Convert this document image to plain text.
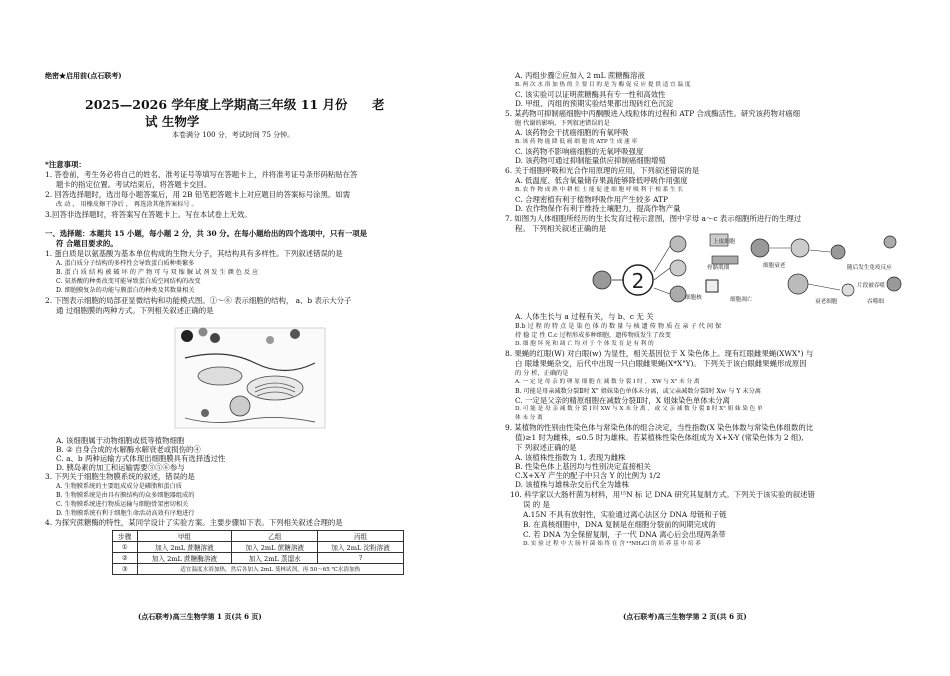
绝密★启用前(点石联考)
2025—2026 学年度上学期高三年级 11 月份 老
试 生物学
本卷满分 100 分，考试时间 75 分钟。
*注意事项：
1. 答卷前，考生务必将自己的姓名、准考证号等填写在答题卡上，并将准考证号条形码粘贴在答
题卡的指定位置。考试结束后，将答题卡交回。
2. 回答选择题时，选出每小题答案后，用 2B 铅笔把答题卡上对应题目的答案标号涂黑。如需
改 动 ， 用橡皮擦干净后 ， 再选涂其他答案标号 。
3.回答非选择题时，将答案写在答题卡上。写在本试卷上无效。
一、选择题：本题共 15 小题，每小题 2 分，共 30 分。在每小题给出的四个选项中，只有一项是
符 合题目要求的。
1. 蛋白质是以氨基酸为基本单位构成的生物大分子，其结构具有多样性。下列叙述错误的是
A. 蛋白质分子结构的多样性会导致蛋白质种类繁多
B. 蛋 白 质 结 构 被 破 坏 的 产 物 可 与 双 缩 脲 试 剂 发 生 颜 色 反 应
C. 氨基酸的种类改变可能导致蛋白质空间结构的改变
D. 细胞膜复杂的功能与膜蛋白的种类及其数量相关
2. 下图表示细胞的局部亚显微结构和功能模式图。①～⑥ 表示细胞的结构， a、b 表示大分子
通 过细胞膜的两种方式。下列相关叙述正确的是
A. 该细胞属于动物细胞或低等植物细胞
B. ② 自身合成的水解酶水解衰老或损伤的④
C. a、b 两种运输方式体现出细胞膜具有选择透过性
D. 胰岛素的加工和运输需要③⑤⑥参与
3. 下列关于细胞生物膜系统的叙述，错误的是
A. 生物膜系统的主要组成成分是磷脂和蛋白质
B. 生物膜系统是由具有膜结构的众多细胞器组成的
C. 生物膜系统进行物质运输与细胞骨架密切相关
D. 生物膜系统有利于细胞生命活动高效有序地进行
4. 为探究蔗糖酶的特性，某同学设计了实验方案。主要步骤如下表。下列相关叙述合理的是
步骤	甲组	乙组	丙组
①	加入 2mL 蔗糖溶液	加入 2mL 蔗糖溶液	加入 2mL 淀粉溶液
②	加入 2mL 蔗糖酶溶液	加入 2mL 蒸馏水	?
③	适宜温度水浴加热，然后各加入 2mL 斐林试剂，再 50～65 ℃水浴加热		
(点石联考)高三生物学第 1 页(共 6 页)
A. 丙组步骤②应加入 2 mL 蔗糖酶溶液
B. 两 次 水 浴 加 热 的 主 要 目 的 是 为 酶 促 反 应 提 供 适 宜 温 度
C. 该实验可以证明蔗糖酶具有专一性和高效性
D. 甲组、丙组的预期实验结果都出现砖红色沉淀
5. 某药物可抑制癌细胞中丙酮酸进入线粒体的过程和 ATP 合成酶活性。研究该药物对癌细
胞 代谢的影响，下列叙述错误的是
A. 该药物会干扰癌细胞的有氧呼吸
B. 该 药 物 能 降 低 癌 细 胞 的 ATP 生 成 速 率
C. 该药物不影响癌细胞的无氧呼吸强度
D. 该药物可通过抑制能量供应抑制癌细胞增殖
6. 关于细胞呼吸和光合作用原理的应用，下列叙述错误的是
A. 低温度、低含氧量储存果蔬能够降低呼吸作用强度
B. 农 作 物 成 熟 中 耕 松 土 能 促 进 细 胞 呼 吸 利 于 根 系 生 长
C. 合理密植有利于植物呼吸作用产生较多 ATP
D. 农作物保作有利于维持土壤肥力，提高作物产量
7. 如图为人体细胞所经历的生长发育过程示意图，图中字母 a～c 表示细胞所进行的生理过
程。 下列相关叙述正确的是
2
上皮细胞
骨骼肌细
细胞核
细胞衰老
细胞凋亡
随后发生免疫反应
片段被吞噬
衰老细胞	吞噬细
A. 人体生长与 a 过程有关，与 b、c 无 关
B.b 过 程 的 特 点 是 染 色 体 的 数 量 与 核 遗 传 物 质 在 亲 子 代 间 保
持 稳 定 性 C.c 过程形成多种细胞，遗传物质发生了改变
D. 细 胞 坏 死 和 凋 亡 均 对 于 个 体 发 育 是 有 利 的
8. 果蝇的红眼(W) 对白眼(w) 为显性，相关基因位于 X 染色体上。现有红眼雌果蝇(XWX") 与
白 眼雄果蝇杂交，后代中出现一只白眼雌果蝇(X*X"Y)。 下列关于该白眼雌果蝇形成原因
的 分 析，正确的是
A. 一 定 是 母 亲 的 卵 原 细 胞 在 减 数 分 裂 Ⅰ 时 ， XW 与 X" 未 分 离
B. 可能是母亲减数分裂Ⅱ时 X" 姐妹染色单体未分离，或父亲减数分裂Ⅰ时 Xw 与 Y 未分离
C. 一定是父亲的精原细胞在减数分裂Ⅱ时，X 姐妹染色单体未分离
D. 可 能 是 母 亲 减 数 分 裂 Ⅰ 时 XW 与 X 未 分 离 ， 或 父 亲 减 数 分 裂 Ⅱ 时 X" 姐 妹 染 色 单
体 未 分 离
9. 某植物的性别由性染色体与常染色体的组合决定，当性指数(X 染色体数与常染色体组数的比
值)≥1 时为雌株，≤0.5 时为雄株。若某植株性染色体组成为 X+X-Y (常染色体为 2 组),
下 列叙述正确的是
A. 该植株性指数为 1, 表现为雌株
B. 性染色体上基因均与性别决定直接相关
C.X+X-Y 产生的配子中只含 Y 的比例为 1/2
D. 该植株与雄株杂交后代全为雄株
10. 科学家以大肠杆菌为材料，用¹⁵N 标 记 DNA 研究其复制方式。下列关于该实验的叙述错
误 的 是
A.15N 不具有放射性，实验通过离心法区分 DNA 母链和子链
B. 在真核细胞中，DNA 复制是在细胞分裂前的间期完成的
C. 若 DNA 为全保留复制，子一代 DNA 离心后会出现两条带
D. 实 验 过 程 中 大 肠 杆 菌 始 终 在 含 ¹⁴NH₄Cl 的 培 养 基 中 培 养
(点石联考)高三生物学第 2 页(共 6 页)
